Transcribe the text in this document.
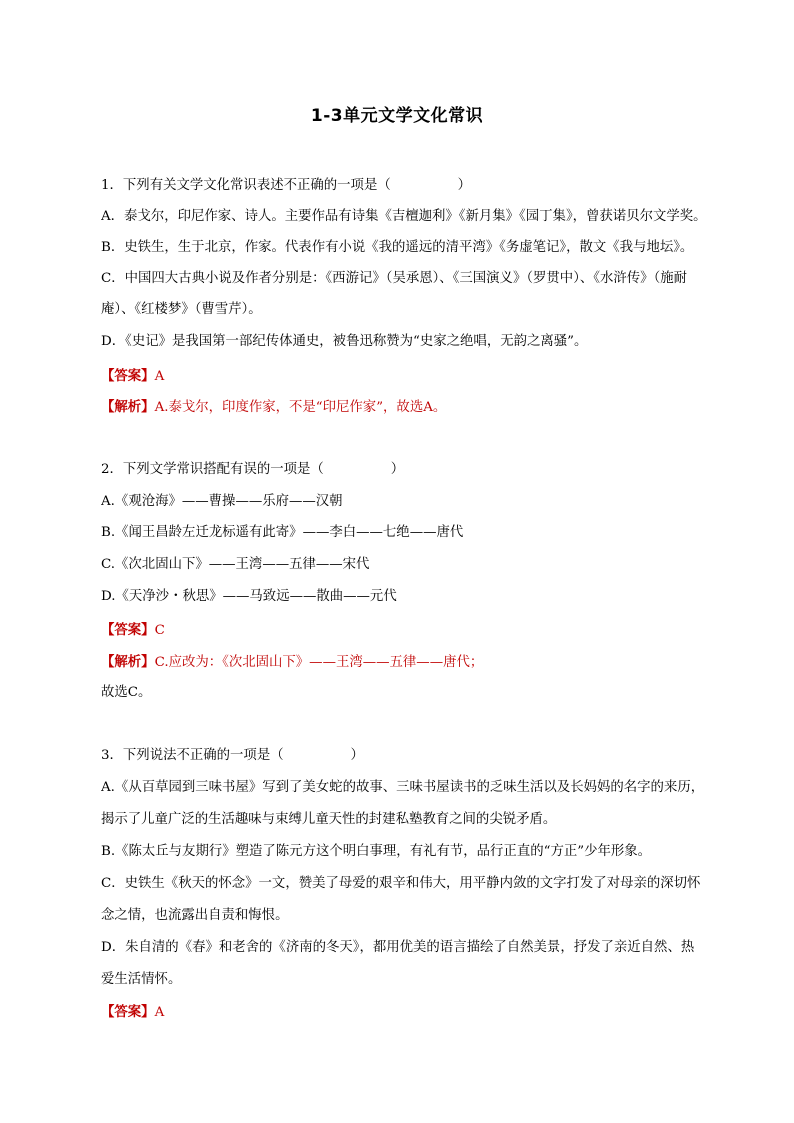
1-3单元文学文化常识
1．下列有关文学文化常识表述不正确的一项是（　　　　　）
A．泰戈尔，印尼作家、诗人。主要作品有诗集《吉檀迦利》《新月集》《园丁集》，曾获诺贝尔文学奖。
B．史铁生，生于北京，作家。代表作有小说《我的遥远的清平湾》《务虚笔记》，散文《我与地坛》。
C．中国四大古典小说及作者分别是：《西游记》（吴承恩）、《三国演义》（罗贯中）、《水浒传》（施耐
庵）、《红楼梦》（曹雪芹）。
D．《史记》是我国第一部纪传体通史，被鲁迅称赞为“史家之绝唱，无韵之离骚”。
【答案】A
【解析】A.泰戈尔，印度作家，不是“印尼作家”，故选A。
2．下列文学常识搭配有误的一项是（　　　　　）
A.《观沧海》——曹操——乐府——汉朝
B.《闻王昌龄左迁龙标遥有此寄》——李白——七绝——唐代
C.《次北固山下》——王湾——五律——宋代
D.《天净沙・秋思》——马致远——散曲——元代
【答案】C
【解析】C.应改为：《次北固山下》——王湾——五律——唐代；
故选C。
3．下列说法不正确的一项是（　　　　　）
A.《从百草园到三味书屋》写到了美女蛇的故事、三味书屋读书的乏味生活以及长妈妈的名字的来历，
揭示了儿童广泛的生活趣味与束缚儿童天性的封建私塾教育之间的尖锐矛盾。
B.《陈太丘与友期行》塑造了陈元方这个明白事理，有礼有节，品行正直的“方正”少年形象。
C．史铁生《秋天的怀念》一文，赞美了母爱的艰辛和伟大，用平静内敛的文字打发了对母亲的深切怀
念之情，也流露出自责和悔恨。
D．朱自清的《春》和老舍的《济南的冬天》，都用优美的语言描绘了自然美景，抒发了亲近自然、热
爱生活情怀。
【答案】A
